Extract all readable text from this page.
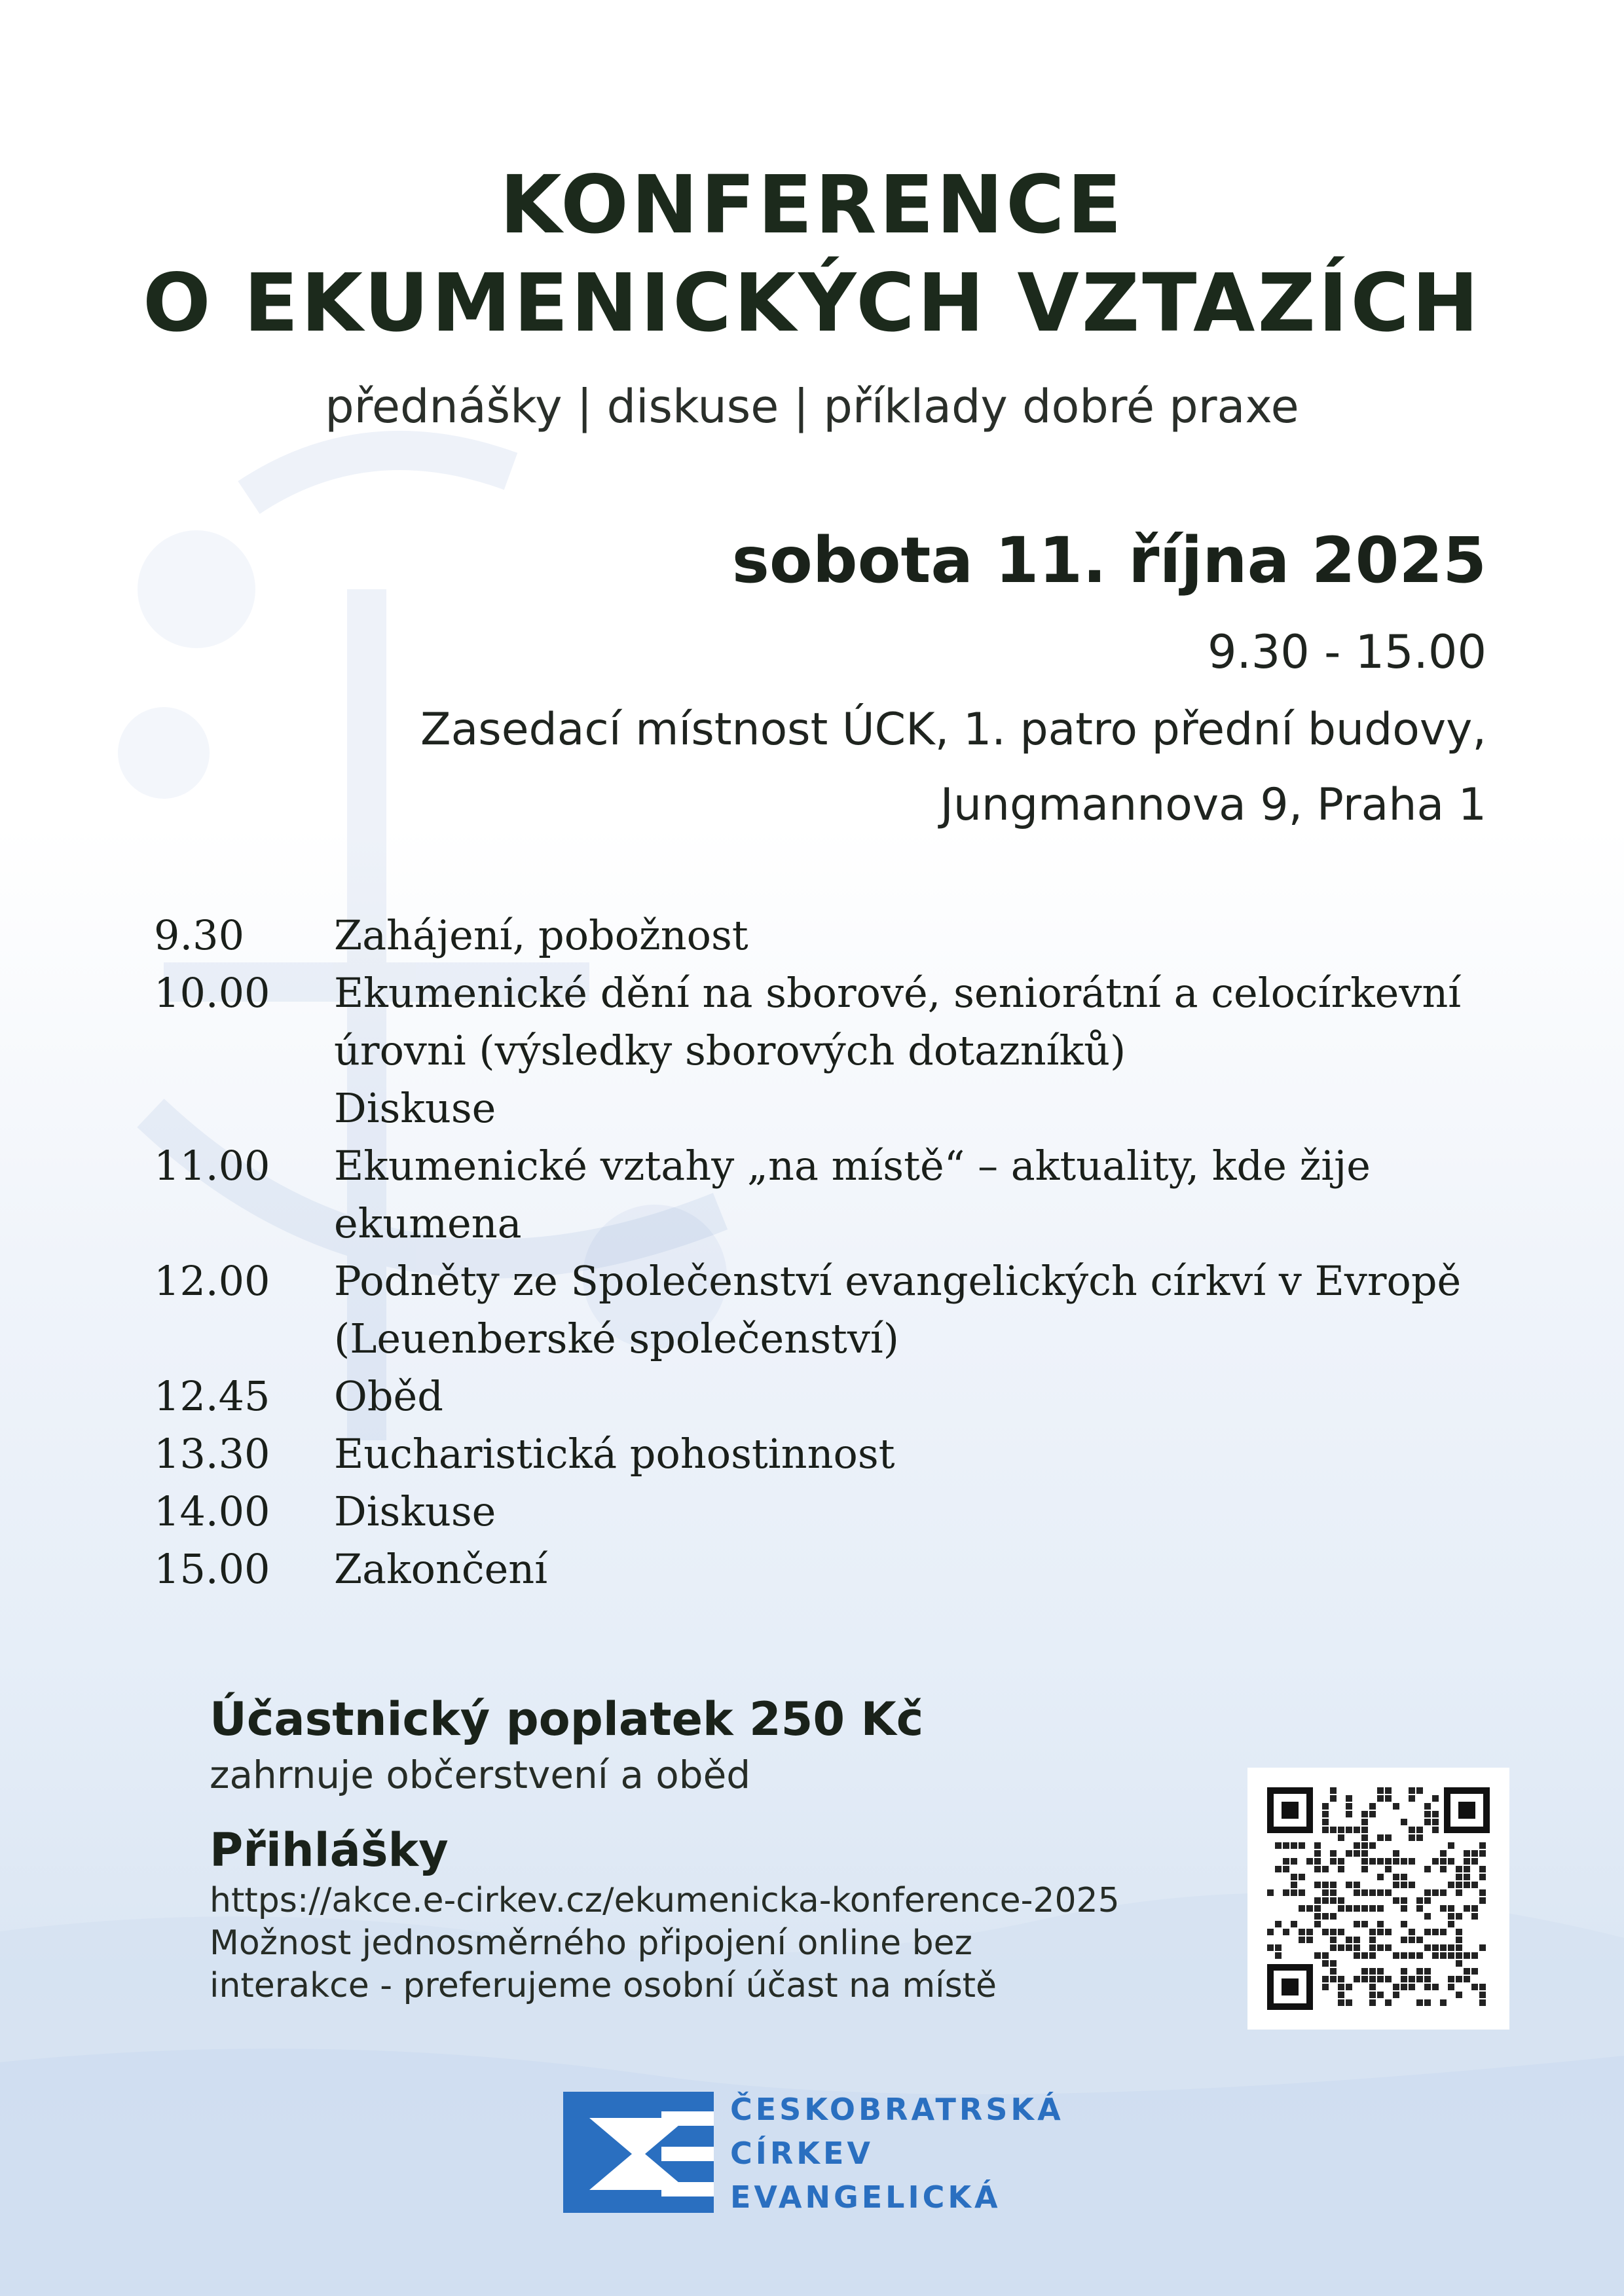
KONFERENCE
O EKUMENICKÝCH VZTAZÍCH
přednášky | diskuse | příklady dobré praxe
sobota 11. října 2025
9.30 - 15.00
Zasedací místnost ÚCK, 1. patro přední budovy,
Jungmannova 9, Praha 1
9.30	Zahájení, pobožnost
10.00	Ekumenické dění na sborové, seniorátní a celocírkevní
úrovni (výsledky sborových dotazníků)
Diskuse
11.00	Ekumenické vztahy „na místě“ – aktuality, kde žije
ekumena
12.00	Podněty ze Společenství evangelických církví v Evropě
(Leuenberské společenství)
12.45	Oběd
13.30	Eucharistická pohostinnost
14.00	Diskuse
15.00	Zakončení
Účastnický poplatek 250 Kč
zahrnuje občerstvení a oběd
Přihlášky
https://akce.e-cirkev.cz/ekumenicka-konference-2025
Možnost jednosměrného připojení online bez
interakce - preferujeme osobní účast na místě
ČESKOBRATRSKÁ
CÍRKEV
EVANGELICKÁ
